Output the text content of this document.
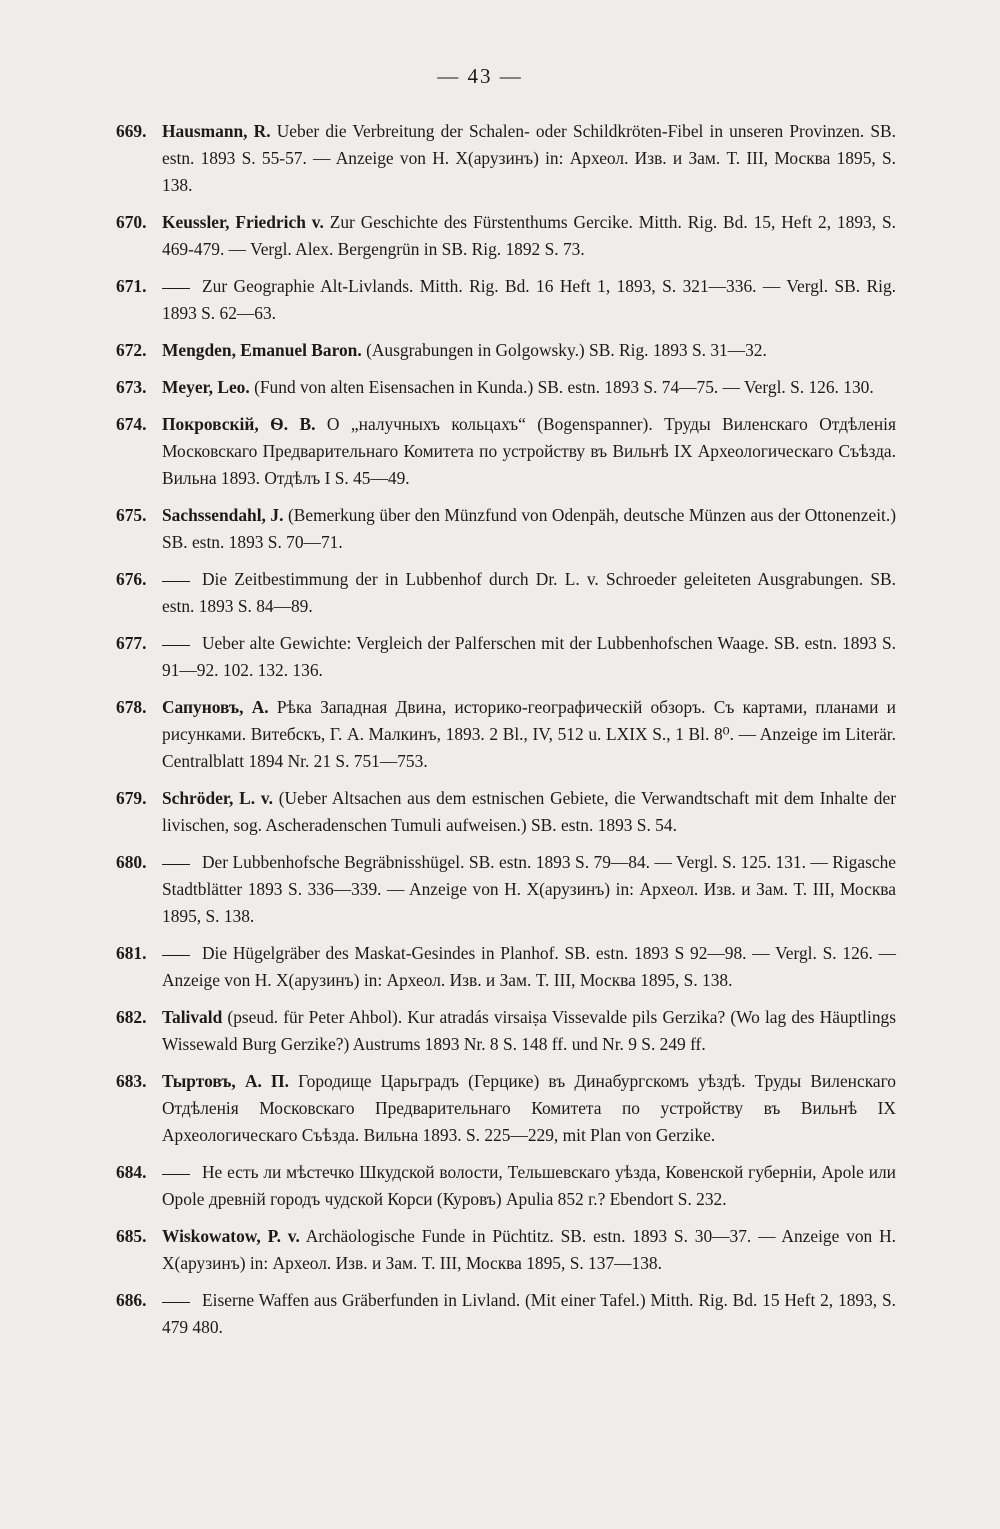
— 43 —
669. Hausmann, R. Ueber die Verbreitung der Schalen- oder Schildkröten-Fibel in unseren Provinzen. SB. estn. 1893 S. 55-57. — Anzeige von H. X(арузинъ) in: Археол. Изв. и Зам. T. III, Москва 1895, S. 138.
670. Keussler, Friedrich v. Zur Geschichte des Fürstenthums Gercike. Mitth. Rig. Bd. 15, Heft 2, 1893, S. 469-479. — Vergl. Alex. Bergengrün in SB. Rig. 1892 S. 73.
671.	Zur Geographie Alt-Livlands. Mitth. Rig. Bd. 16 Heft 1, 1893, S. 321—336. — Vergl. SB. Rig. 1893 S. 62—63.
672. Mengden, Emanuel Baron. (Ausgrabungen in Golgowsky.) SB. Rig. 1893 S. 31—32.
673. Meyer, Leo. (Fund von alten Eisensachen in Kunda.) SB. estn. 1893 S. 74—75. — Vergl. S. 126. 130.
674. Покровскій, Ѳ. В. О „налучныхъ кольцахъ“ (Bogenspanner). Труды Виленскаго Отдѣленія Московскаго Предварительнаго Комитета по устройству въ Вильнѣ IX Археологическаго Съѣзда. Вильна 1893. Отдѣлъ I S. 45—49.
675. Sachssendahl, J. (Bemerkung über den Münzfund von Odenpäh, deutsche Münzen aus der Ottonenzeit.) SB. estn. 1893 S. 70—71.
676.	Die Zeitbestimmung der in Lubbenhof durch Dr. L. v. Schroeder geleiteten Ausgrabungen. SB. estn. 1893 S. 84—89.
677.	Ueber alte Gewichte: Vergleich der Palferschen mit der Lubbenhofschen Waage. SB. estn. 1893 S. 91—92. 102. 132. 136.
678. Сапуновъ, А. Рѣка Западная Двина, историко-географическій обзоръ. Съ картами, планами и рисунками. Витебскъ, Г. А. Малкинъ, 1893. 2 Bl., IV, 512 u. LXIX S., 1 Bl. 8⁰. — Anzeige im Literär. Centralblatt 1894 Nr. 21 S. 751—753.
679. Schröder, L. v. (Ueber Altsachen aus dem estnischen Gebiete, die Verwandtschaft mit dem Inhalte der livischen, sog. Ascheradenschen Tumuli aufweisen.) SB. estn. 1893 S. 54.
680.	Der Lubbenhofsche Begräbnisshügel. SB. estn. 1893 S. 79—84. — Vergl. S. 125. 131. — Rigasche Stadtblätter 1893 S. 336—339. — Anzeige von H. X(арузинъ) in: Археол. Изв. и Зам. T. III, Москва 1895, S. 138.
681.	Die Hügelgräber des Maskat-Gesindes in Planhof. SB. estn. 1893 S 92—98. — Vergl. S. 126. — Anzeige von H. X(арузинъ) in: Археол. Изв. и Зам. T. III, Москва 1895, S. 138.
682. Talivald (pseud. für Peter Ahbol). Kur atradás virsaiṣa Vissevalde pils Gerzika? (Wo lag des Häuptlings Wissewald Burg Gerzike?) Austrums 1893 Nr. 8 S. 148 ff. und Nr. 9 S. 249 ff.
683. Тыртовъ, А. П. Городище Царьградъ (Герцике) въ Динабургскомъ уѣздѣ. Труды Виленскаго Отдѣленія Московскаго Предварительнаго Комитета по устройству въ Вильнѣ IX Археологическаго Съѣзда. Вильна 1893. S. 225—229, mit Plan von Gerzike.
684.	Не есть ли мѣстечко Шкудской волости, Тельшевскаго уѣзда, Ковенской губерніи, Apole или Opole древній городъ чудской Корси (Куровъ) Apulia 852 г.? Ebendort S. 232.
685. Wiskowatow, P. v. Archäologische Funde in Püchtitz. SB. estn. 1893 S. 30—37. — Anzeige von H. X(арузинъ) in: Археол. Изв. и Зам. T. III, Москва 1895, S. 137—138.
686.	Eiserne Waffen aus Gräberfunden in Livland. (Mit einer Tafel.) Mitth. Rig. Bd. 15 Heft 2, 1893, S. 479 480.
